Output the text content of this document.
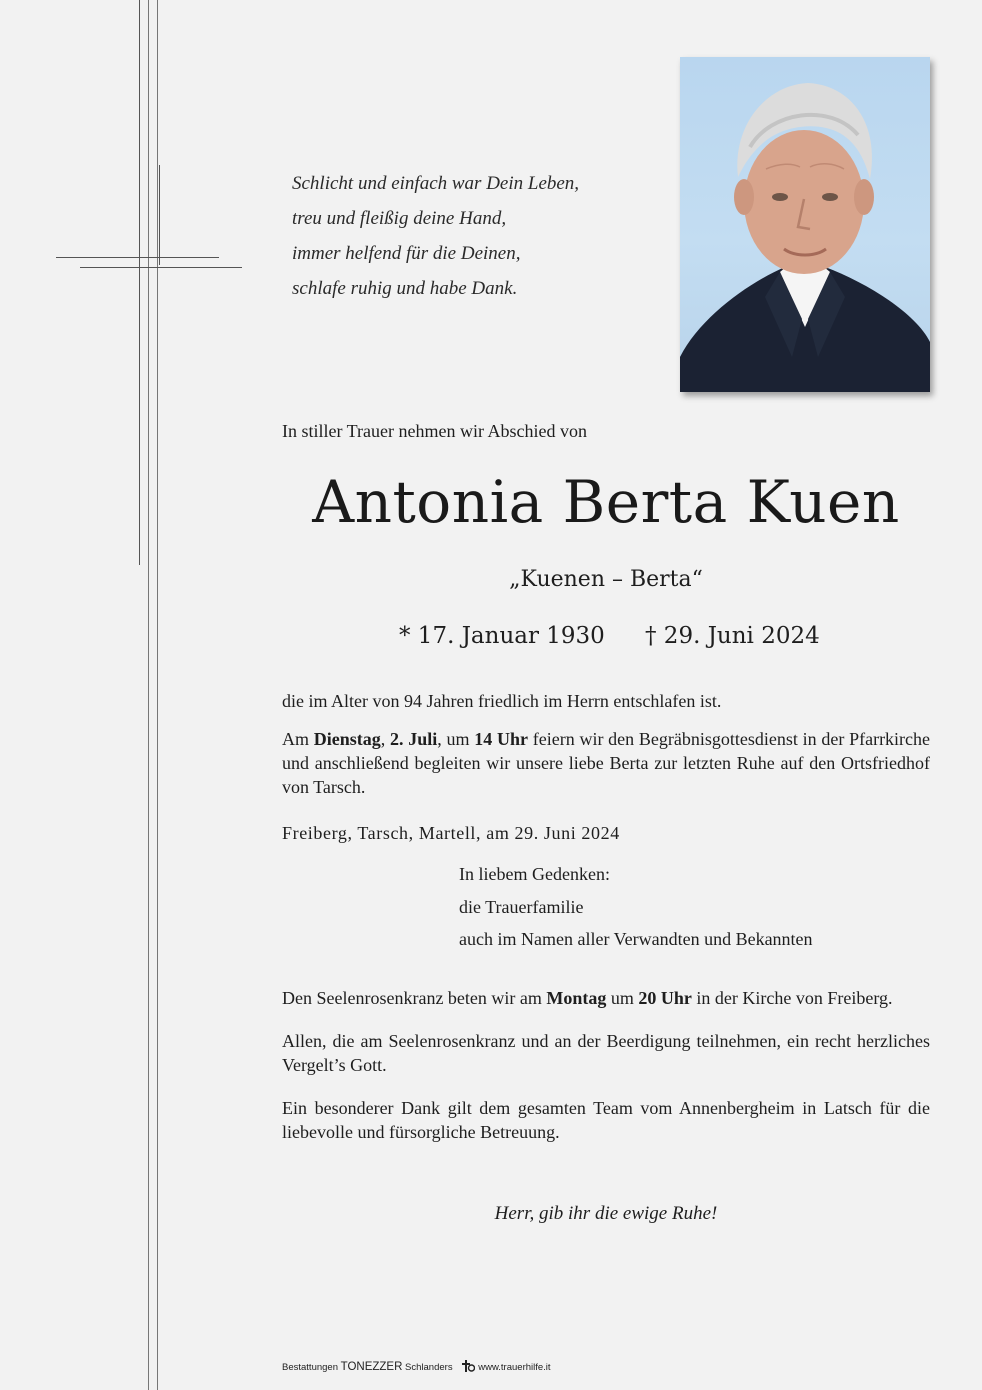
Schlicht und einfach war Dein Leben,
treu und fleißig deine Hand,
immer helfend für die Deinen,
schlafe ruhig und habe Dank.
In stiller Trauer nehmen wir Abschied von
Antonia Berta Kuen
„Kuenen – Berta“
* 17. Januar 1930 † 29. Juni 2024
die im Alter von 94 Jahren friedlich im Herrn entschlafen ist.
Am Dienstag, 2. Juli, um 14 Uhr feiern wir den Begräbnisgottesdienst in der Pfarrkirche und anschließend begleiten wir unsere liebe Berta zur letzten Ruhe auf den Ortsfriedhof von Tarsch.
Freiberg, Tarsch, Martell, am 29. Juni 2024
In liebem Gedenken:
die Trauerfamilie
auch im Namen aller Verwandten und Bekannten
Den Seelenrosenkranz beten wir am Montag um 20 Uhr in der Kirche von Freiberg.
Allen, die am Seelenrosenkranz und an der Beerdigung teilnehmen, ein recht herzliches Vergelt’s Gott.
Ein besonderer Dank gilt dem gesamten Team vom Annenbergheim in Latsch für die liebevolle und fürsorgliche Betreuung.
Herr, gib ihr die ewige Ruhe!
Bestattungen TONEZZER Schlanders	www.trauerhilfe.it
